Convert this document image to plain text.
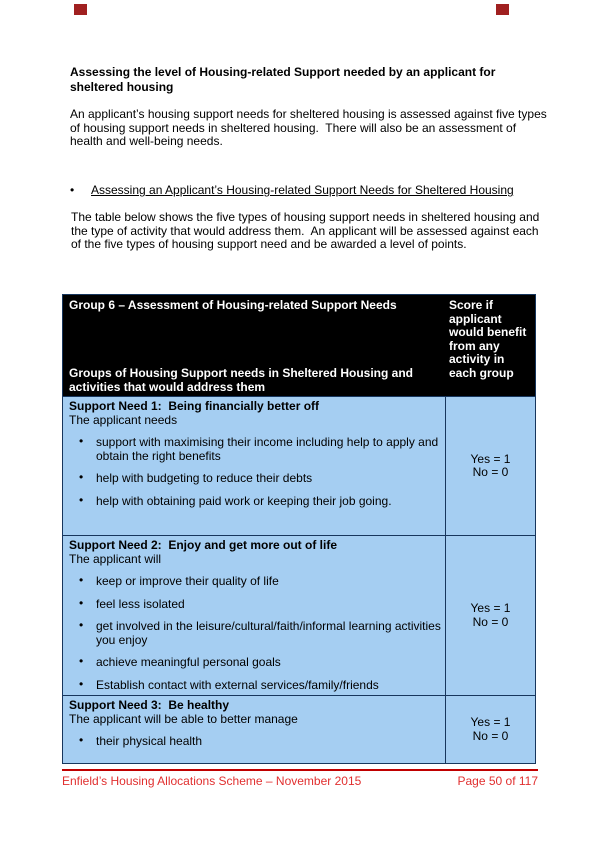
Assessing the level of Housing-related Support needed by an applicant for sheltered housing

An applicant’s housing support needs for sheltered housing is assessed against five types of housing support needs in sheltered housing.  There will also be an assessment of health and well-being needs.

•	Assessing an Applicant’s Housing-related Support Needs for Sheltered Housing

The table below shows the five types of housing support needs in sheltered housing and the type of activity that would address them.  An applicant will be assessed against each of the five types of housing support need and be awarded a level of points.

Group 6 – Assessment of Housing-related Support Needs
Groups of Housing Support needs in Sheltered Housing and activities that would address them
Score if applicant would benefit from any activity in each group
Support Need 1:  Being financially better off
The applicant needs
• support with maximising their income including help to apply and obtain the right benefits
• help with budgeting to reduce their debts
• help with obtaining paid work or keeping their job going.
Yes = 1
No = 0
Support Need 2:  Enjoy and get more out of life
The applicant will
• keep or improve their quality of life
• feel less isolated
• get involved in the leisure/cultural/faith/informal learning activities you enjoy
• achieve meaningful personal goals
• Establish contact with external services/family/friends
Yes = 1
No = 0
Support Need 3:  Be healthy
The applicant will be able to better manage
• their physical health
Yes = 1
No = 0
Enfield’s Housing Allocations Scheme – November 2015	Page 50 of 117
